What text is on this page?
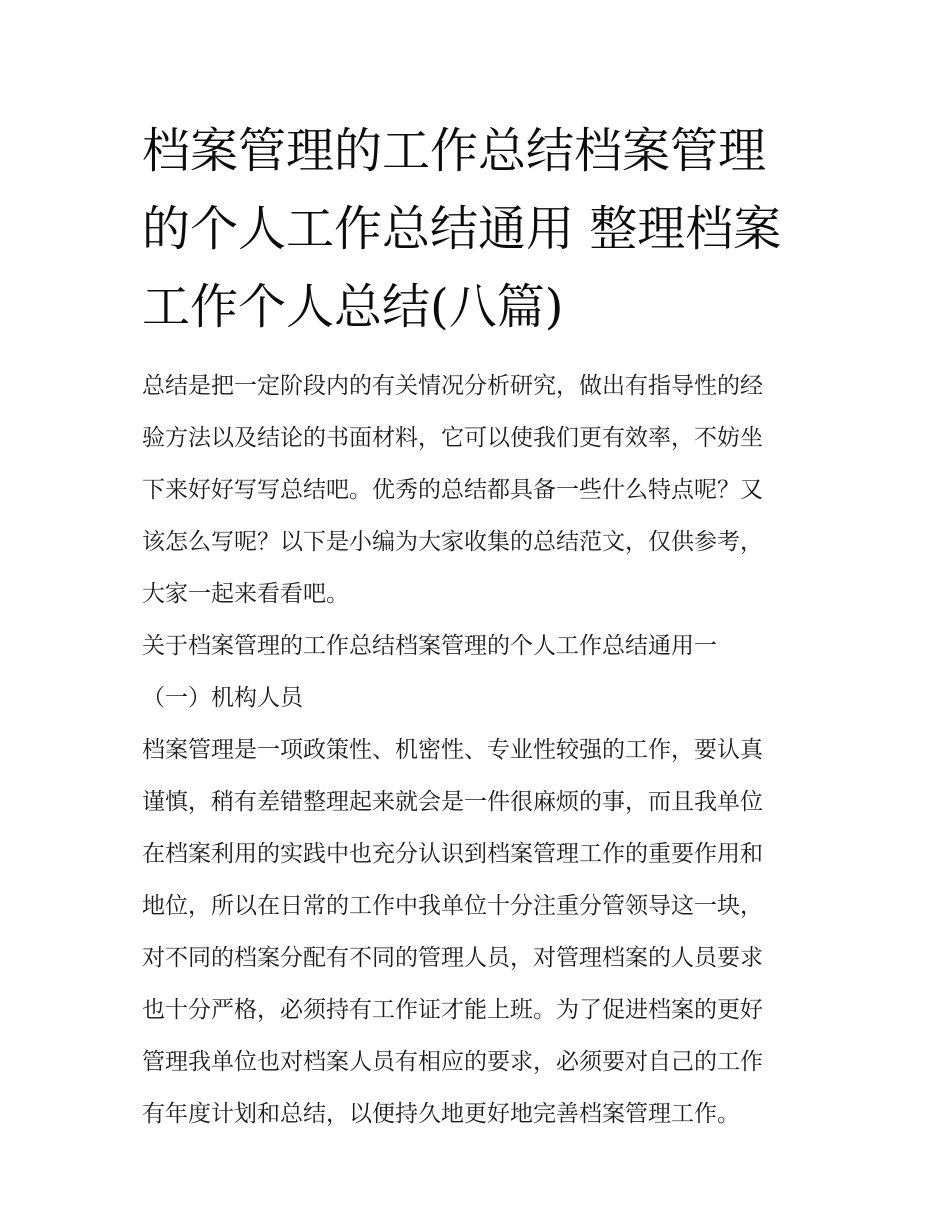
档案管理的工作总结档案管理
的个人工作总结通用 整理档案
工作个人总结(八篇)

总结是把一定阶段内的有关情况分析研究，做出有指导性的经
验方法以及结论的书面材料，它可以使我们更有效率，不妨坐
下来好好写写总结吧。优秀的总结都具备一些什么特点呢？又
该怎么写呢？以下是小编为大家收集的总结范文，仅供参考，
大家一起来看看吧。

关于档案管理的工作总结档案管理的个人工作总结通用一

（一）机构人员

档案管理是一项政策性、机密性、专业性较强的工作，要认真
谨慎，稍有差错整理起来就会是一件很麻烦的事，而且我单位
在档案利用的实践中也充分认识到档案管理工作的重要作用和
地位，所以在日常的工作中我单位十分注重分管领导这一块，
对不同的档案分配有不同的管理人员，对管理档案的人员要求
也十分严格，必须持有工作证才能上班。为了促进档案的更好
管理我单位也对档案人员有相应的要求，必须要对自己的工作
有年度计划和总结，以便持久地更好地完善档案管理工作。
